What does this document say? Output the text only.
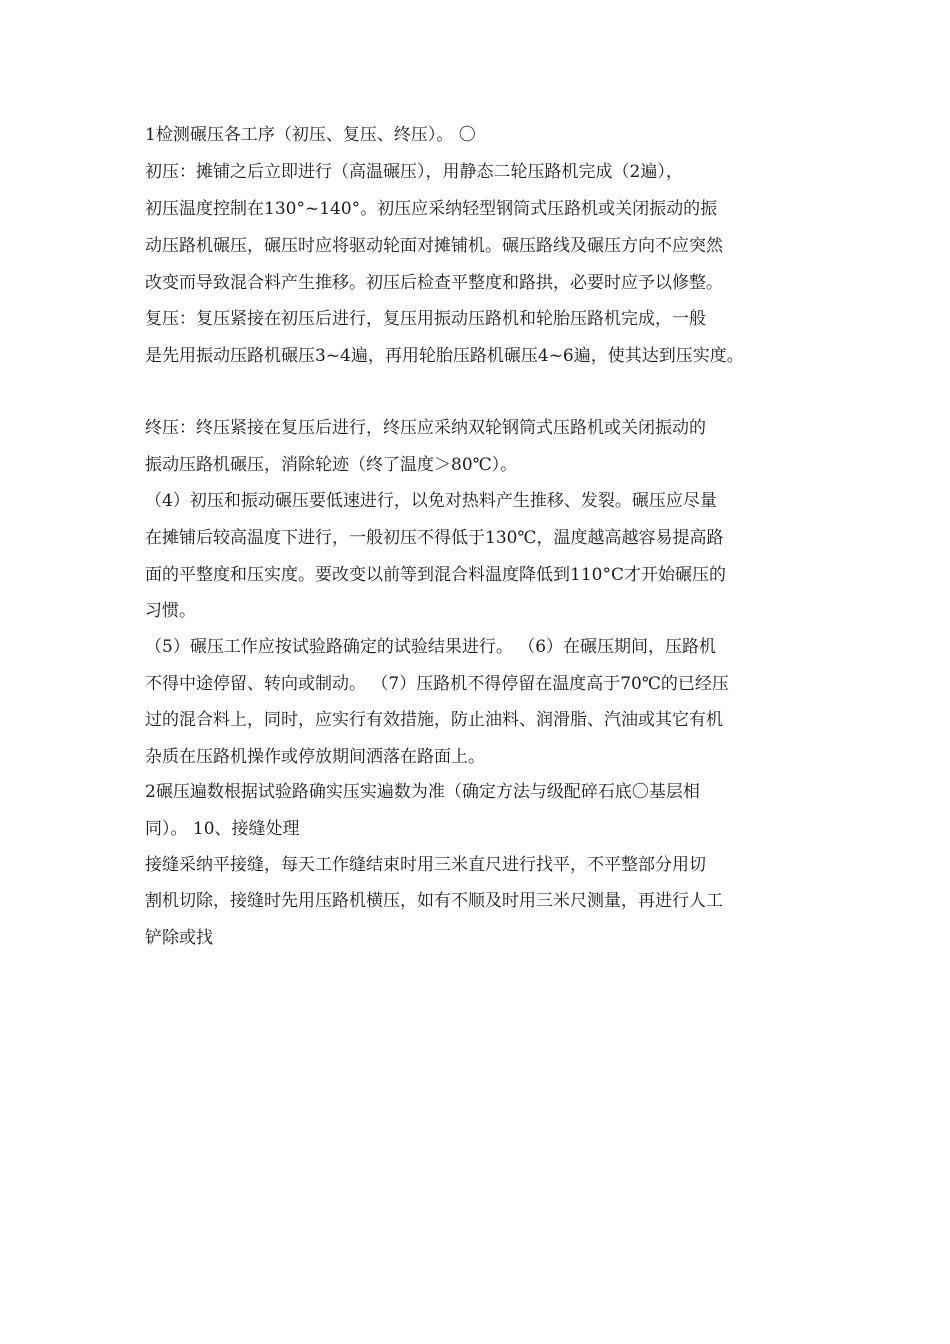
1检测碾压各工序（初压、复压、终压）。 〇
初压：摊铺之后立即进行（高温碾压），用静态二轮压路机完成（2遍），
初压温度控制在130°~140°。初压应采纳轻型钢筒式压路机或关闭振动的振
动压路机碾压，碾压时应将驱动轮面对摊铺机。碾压路线及碾压方向不应突然
改变而导致混合料产生推移。初压后检查平整度和路拱，必要时应予以修整。
复压：复压紧接在初压后进行，复压用振动压路机和轮胎压路机完成，一般
是先用振动压路机碾压3~4遍，再用轮胎压路机碾压4~6遍，使其达到压实度。
终压：终压紧接在复压后进行，终压应采纳双轮钢筒式压路机或关闭振动的
振动压路机碾压，消除轮迹（终了温度＞80℃）。
（4）初压和振动碾压要低速进行，以免对热料产生推移、发裂。碾压应尽量
在摊铺后较高温度下进行，一般初压不得低于130℃，温度越高越容易提高路
面的平整度和压实度。要改变以前等到混合料温度降低到110°C才开始碾压的
习惯。
（5）碾压工作应按试验路确定的试验结果进行。 （6）在碾压期间，压路机
不得中途停留、转向或制动。 （7）压路机不得停留在温度高于70℃的已经压
过的混合料上，同时，应实行有效措施，防止油料、润滑脂、汽油或其它有机
杂质在压路机操作或停放期间洒落在路面上。
2碾压遍数根据试验路确实压实遍数为准（确定方法与级配碎石底〇基层相
同）。 10、接缝处理
接缝采纳平接缝，每天工作缝结束时用三米直尺进行找平，不平整部分用切
割机切除，接缝时先用压路机横压，如有不顺及时用三米尺测量，再进行人工
铲除或找
